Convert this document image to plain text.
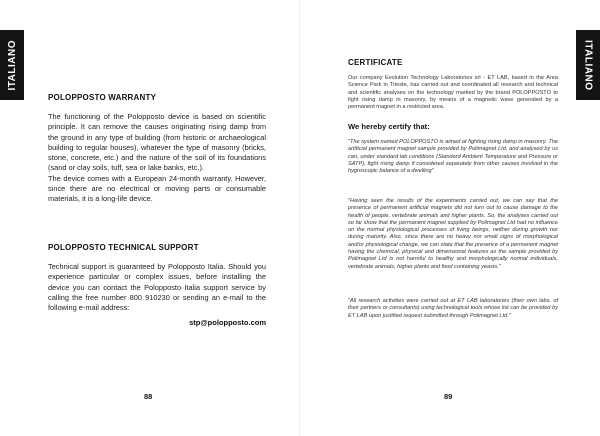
ITALIANO
POLOPPOSTO WARRANTY

The functioning of the Polopposto device is based on scientific principle. It can remove the causes originating rising damp from the ground in any type of building (from historic or archaeological building to regular houses), whatever the type of masonry (bricks, stone, concrete, etc.) and the nature of the soil of its foundations (sand or clay soils, tuff, sea or lake banks, etc.).

The device comes with a European 24-month warranty. However, since there are no electrical or moving parts or consumable materials, it is a long-life device.

POLOPPOSTO TECHNICAL SUPPORT

Technical support is guaranteed by Polopposto Italia. Should you experience particular or complex issues, before installing the device you can contact the Polopposto Italia support service by calling the free number 800 910230 or sending an e-mail to the following e-mail address:

stp@polopposto.com
88
ITALIANO
CERTIFICATE

Our company Evolution Technology Laboratories srl - ET LAB, based in the Area Science Park in Trieste, has carried out and coordinated all research and technical and scientific analyses on the technology marked by the brand POLOPPOSTO to fight rising damp in masonry, by means of a magnetic wave generated by a permanent magnet in a restricted area.

We hereby certify that:

"The system named POLOPPOSTO is aimed at fighting rising damp in masonry. The artificial permanent magnet sample provided by Polimagnet Ltd, and analysed by us can, under standard lab conditions (Standard Ambient Temperature and Pressure or SATP), fight rising damp if considered separately from other causes involved in the hygroscopic balance of a dwelling"

"Having seen the results of the experiments carried out, we can say that the presence of permanent artificial magnets did not turn out to cause damage to the health of people, vertebrate animals and higher plants. So, the analyses carried out so far show that the permanent magnet supplied by Polimagnet Ltd had no influence on the normal physiological processes of living beings, neither during growth nor during maturity. Also, since there are no heavy nor small signs of morphological and/or physiological change, we can state that the presence of a permanent magnet having the chemical, physical and dimensional features as the sample provided by Polimagnet Ltd is not harmful to healthy and morphologically normal individuals, vertebrate animals, higher plants and food containing yeasts."

"All research activities were carried out at ET LAB laboratories (their own labs, of their partners or consultants) using technological tools whose list can be provided by ET LAB upon justified request submitted through Polimagnet Ltd."

89
